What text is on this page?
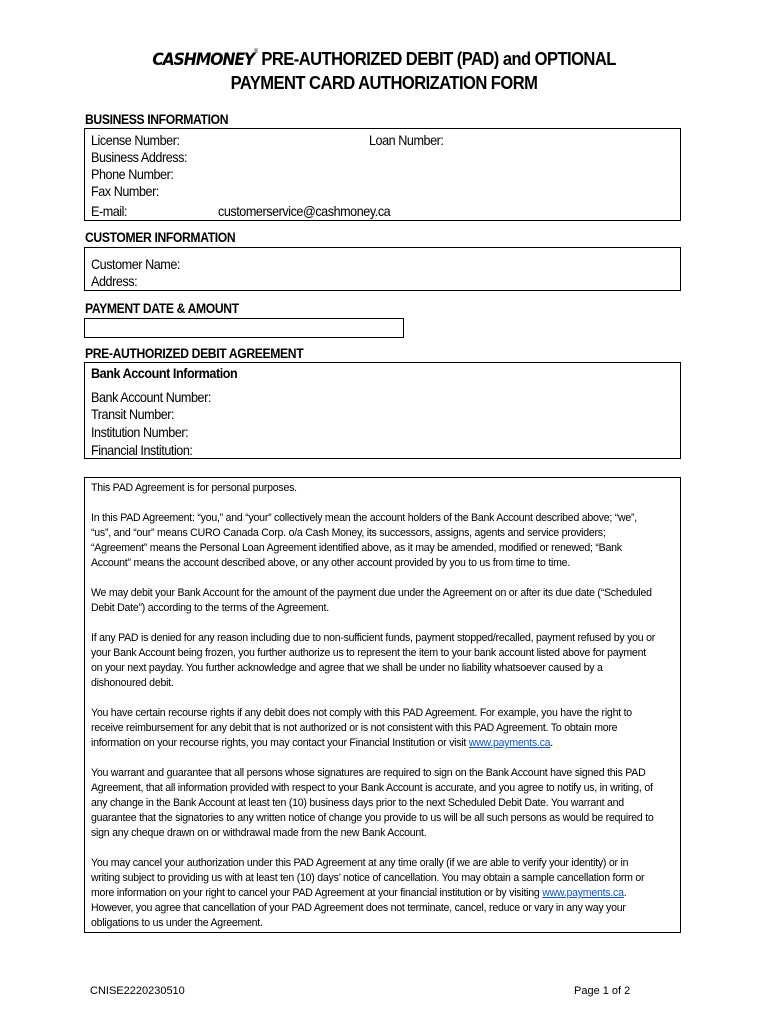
CASHMONEY® PRE-AUTHORIZED DEBIT (PAD) and OPTIONAL
PAYMENT CARD AUTHORIZATION FORM
BUSINESS INFORMATION
License Number:	Loan Number:
Business Address:
Phone Number:
Fax Number:
E-mail:	customerservice@cashmoney.ca
CUSTOMER INFORMATION
Customer Name:
Address:
PAYMENT DATE & AMOUNT
PRE-AUTHORIZED DEBIT AGREEMENT
Bank Account Information
Bank Account Number:
Transit Number:
Institution Number:
Financial Institution:
This PAD Agreement is for personal purposes.
In this PAD Agreement: “you,” and “your” collectively mean the account holders of the Bank Account described above; “we”,
“us”, and “our” means CURO Canada Corp. o/a Cash Money, its successors, assigns, agents and service providers;
“Agreement” means the Personal Loan Agreement identified above, as it may be amended, modified or renewed; “Bank
Account” means the account described above, or any other account provided by you to us from time to time.
We may debit your Bank Account for the amount of the payment due under the Agreement on or after its due date (“Scheduled
Debit Date”) according to the terms of the Agreement.
If any PAD is denied for any reason including due to non-sufficient funds, payment stopped/recalled, payment refused by you or
your Bank Account being frozen, you further authorize us to represent the item to your bank account listed above for payment
on your next payday. You further acknowledge and agree that we shall be under no liability whatsoever caused by a
dishonoured debit.
You have certain recourse rights if any debit does not comply with this PAD Agreement. For example, you have the right to
receive reimbursement for any debit that is not authorized or is not consistent with this PAD Agreement. To obtain more
information on your recourse rights, you may contact your Financial Institution or visit www.payments.ca.
You warrant and guarantee that all persons whose signatures are required to sign on the Bank Account have signed this PAD
Agreement, that all information provided with respect to your Bank Account is accurate, and you agree to notify us, in writing, of
any change in the Bank Account at least ten (10) business days prior to the next Scheduled Debit Date. You warrant and
guarantee that the signatories to any written notice of change you provide to us will be all such persons as would be required to
sign any cheque drawn on or withdrawal made from the new Bank Account.
You may cancel your authorization under this PAD Agreement at any time orally (if we are able to verify your identity) or in
writing subject to providing us with at least ten (10) days’ notice of cancellation. You may obtain a sample cancellation form or
more information on your right to cancel your PAD Agreement at your financial institution or by visiting www.payments.ca.
However, you agree that cancellation of your PAD Agreement does not terminate, cancel, reduce or vary in any way your
obligations to us under the Agreement.
CNISE2220230510	Page 1 of 2
